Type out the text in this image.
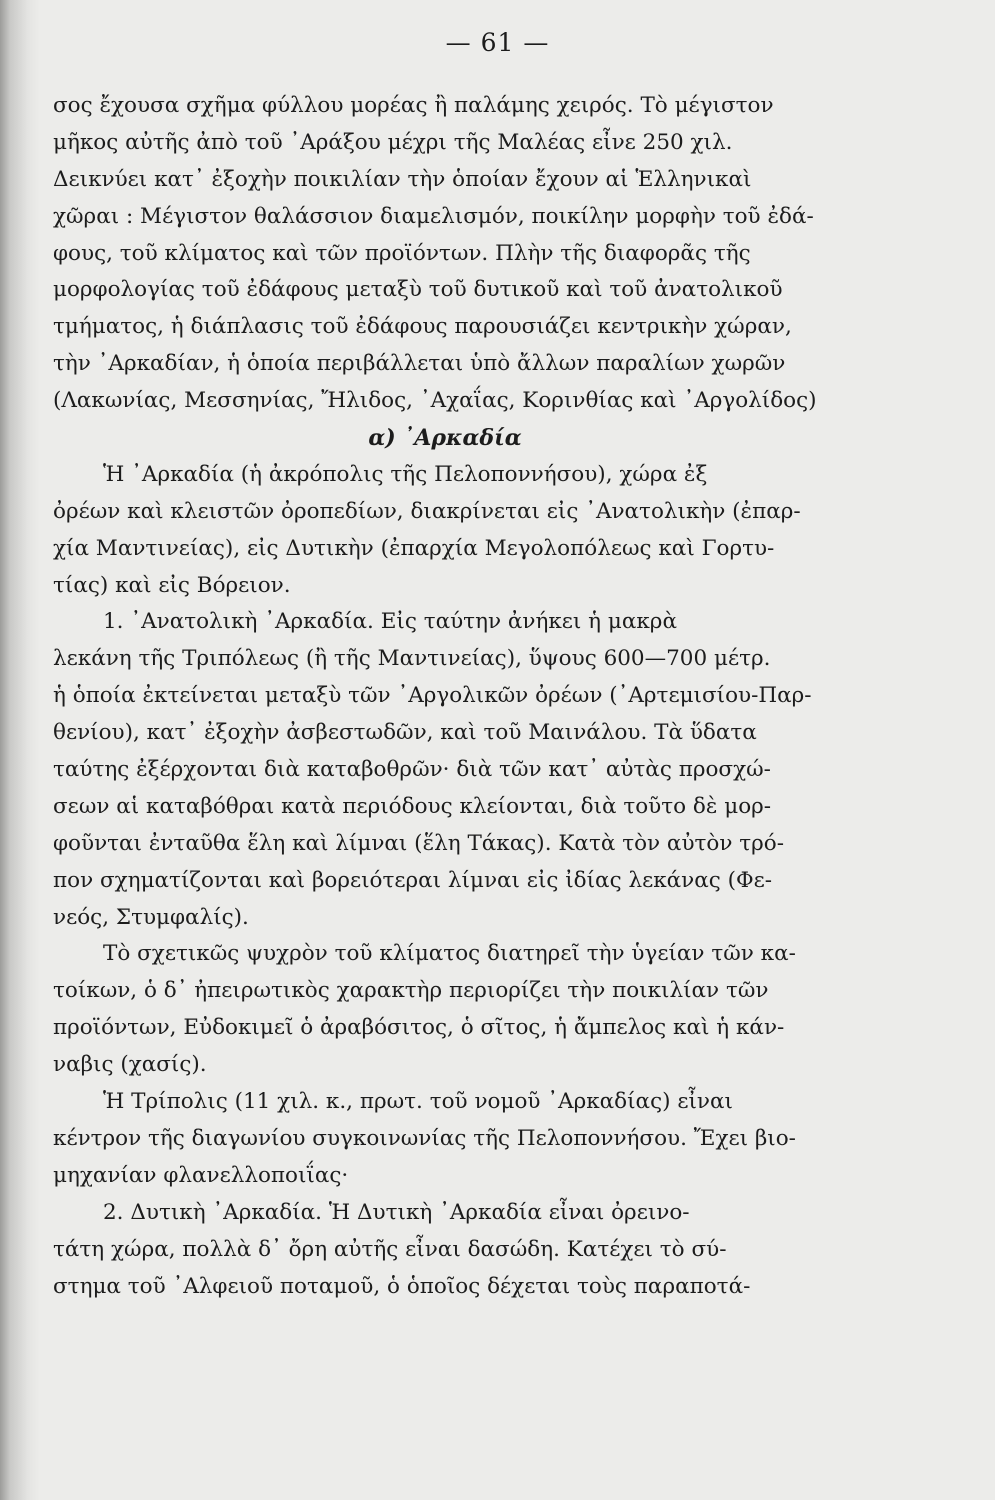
— 61 —
σος ἔχουσα σχῆμα φύλλου μορέας ἢ παλάμης χειρός. Τὸ μέγιστον
μῆκος αὐτῆς ἀπὸ τοῦ ᾿Αράξου μέχρι τῆς Μαλέας εἶνε 250 χιλ.
Δεικνύει κατ᾿ ἐξοχὴν ποικιλίαν τὴν ὁποίαν ἔχουν αἱ Ἑλληνικαὶ
χῶραι : Μέγιστον θαλάσσιον διαμελισμόν, ποικίλην μορφὴν τοῦ ἐδά-
φους, τοῦ κλίματος καὶ τῶν προϊόντων. Πλὴν τῆς διαφορᾶς τῆς
μορφολογίας τοῦ ἐδάφους μεταξὺ τοῦ δυτικοῦ καὶ τοῦ ἀνατολικοῦ
τμήματος, ἡ διάπλασις τοῦ ἐδάφους παρουσιάζει κεντρικὴν χώραν,
τὴν ᾿Αρκαδίαν, ἡ ὁποία περιβάλλεται ὑπὸ ἄλλων παραλίων χωρῶν
(Λακωνίας, Μεσσηνίας, Ἤλιδος, ᾿Αχαΐας, Κορινθίας καὶ ᾿Αργολίδος)
α) ᾿Αρκαδία
Ἡ ᾿Αρκαδία (ἡ ἀκρόπολις τῆς Πελοποννήσου), χώρα ἐξ
ὀρέων καὶ κλειστῶν ὀροπεδίων, διακρίνεται εἰς ᾿Ανατολικὴν (ἐπαρ-
χία Μαντινείας), εἰς Δυτικὴν (ἐπαρχία Μεγολοπόλεως καὶ Γορτυ-
τίας) καὶ εἰς Βόρειον.
1. ᾿Ανατολικὴ ᾿Αρκαδία. Εἰς ταύτην ἀνήκει ἡ μακρὰ
λεκάνη τῆς Τριπόλεως (ἢ τῆς Μαντινείας), ὕψους 600—700 μέτρ.
ἡ ὁποία ἐκτείνεται μεταξὺ τῶν ᾿Αργολικῶν ὀρέων (᾿Αρτεμισίου-Παρ-
θενίου), κατ᾿ ἐξοχὴν ἀσβεστωδῶν, καὶ τοῦ Μαινάλου. Τὰ ὕδατα
ταύτης ἐξέρχονται διὰ καταβοθρῶν· διὰ τῶν κατ᾿ αὐτὰς προσχώ-
σεων αἱ καταβόθραι κατὰ περιόδους κλείονται, διὰ τοῦτο δὲ μορ-
φοῦνται ἐνταῦθα ἕλη καὶ λίμναι (ἕλη Τάκας). Κατὰ τὸν αὐτὸν τρό-
πον σχηματίζονται καὶ βορειότεραι λίμναι εἰς ἰδίας λεκάνας (Φε-
νεός, Στυμφαλίς).
Τὸ σχετικῶς ψυχρὸν τοῦ κλίματος διατηρεῖ τὴν ὑγείαν τῶν κα-
τοίκων, ὁ δ᾿ ἠπειρωτικὸς χαρακτὴρ περιορίζει τὴν ποικιλίαν τῶν
προϊόντων, Εὐδοκιμεῖ ὁ ἀραβόσιτος, ὁ σῖτος, ἡ ἄμπελος καὶ ἡ κάν-
ναβις (χασίς).
Ἡ Τρίπολις (11 χιλ. κ., πρωτ. τοῦ νομοῦ ᾿Αρκαδίας) εἶναι
κέντρον τῆς διαγωνίου συγκοινωνίας τῆς Πελοποννήσου. Ἔχει βιο-
μηχανίαν φλανελλοποιΐας·
2. Δυτικὴ ᾿Αρκαδία. Ἡ Δυτικὴ ᾿Αρκαδία εἶναι ὀρεινο-
τάτη χώρα, πολλὰ δ᾿ ὄρη αὐτῆς εἶναι δασώδη. Κατέχει τὸ σύ-
στημα τοῦ ᾿Αλφειοῦ ποταμοῦ, ὁ ὁποῖος δέχεται τοὺς παραποτά-
